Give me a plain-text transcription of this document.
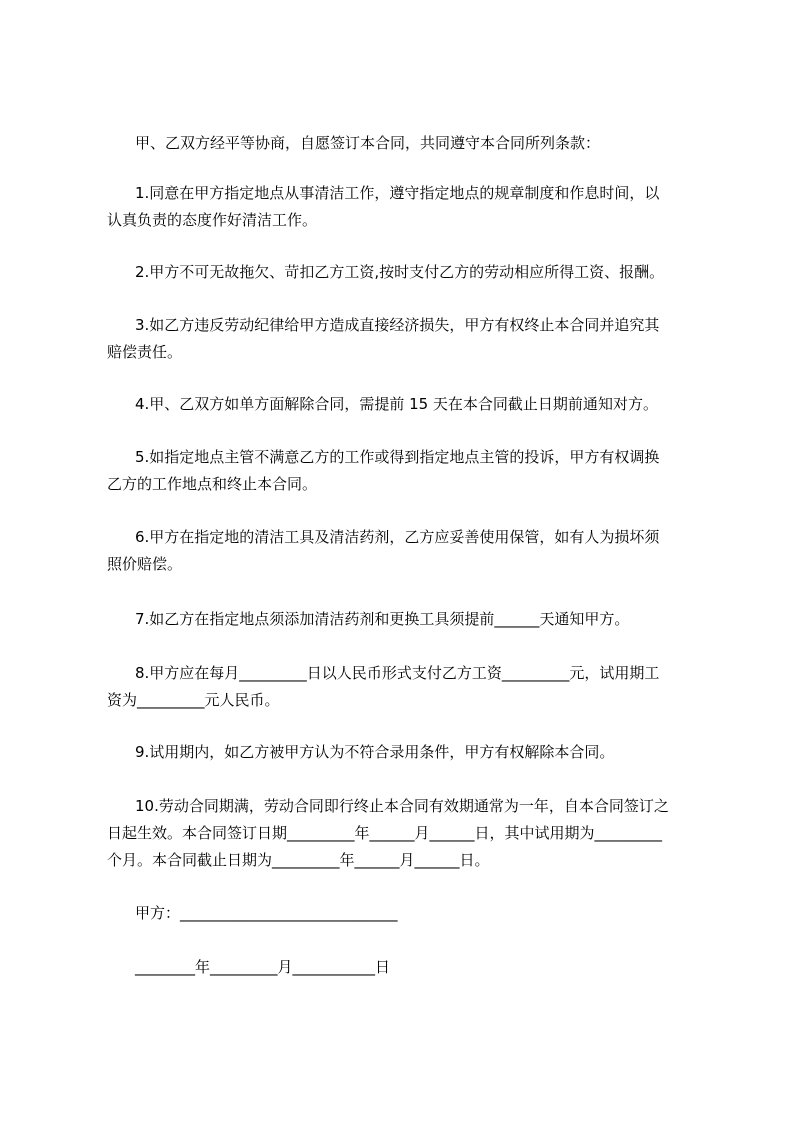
甲、乙双方经平等协商，自愿签订本合同，共同遵守本合同所列条款：
1.同意在甲方指定地点从事清洁工作，遵守指定地点的规章制度和作息时间，以
认真负责的态度作好清洁工作。
2.甲方不可无故拖欠、苛扣乙方工资,按时支付乙方的劳动相应所得工资、报酬。
3.如乙方违反劳动纪律给甲方造成直接经济损失，甲方有权终止本合同并追究其
赔偿责任。
4.甲、乙双方如单方面解除合同，需提前 15 天在本合同截止日期前通知对方。
5.如指定地点主管不满意乙方的工作或得到指定地点主管的投诉，甲方有权调换
乙方的工作地点和终止本合同。
6.甲方在指定地的清洁工具及清洁药剂，乙方应妥善使用保管，如有人为损坏须
照价赔偿。
7.如乙方在指定地点须添加清洁药剂和更换工具须提前______天通知甲方。
8.甲方应在每月_________日以人民币形式支付乙方工资_________元，试用期工
资为_________元人民币。
9.试用期内，如乙方被甲方认为不符合录用条件，甲方有权解除本合同。
10.劳动合同期满，劳动合同即行终止本合同有效期通常为一年，自本合同签订之
日起生效。本合同签订日期_________年______月______日，其中试用期为_________
个月。本合同截止日期为_________年______月______日。
甲方：_____________________________
________年_________月___________日
